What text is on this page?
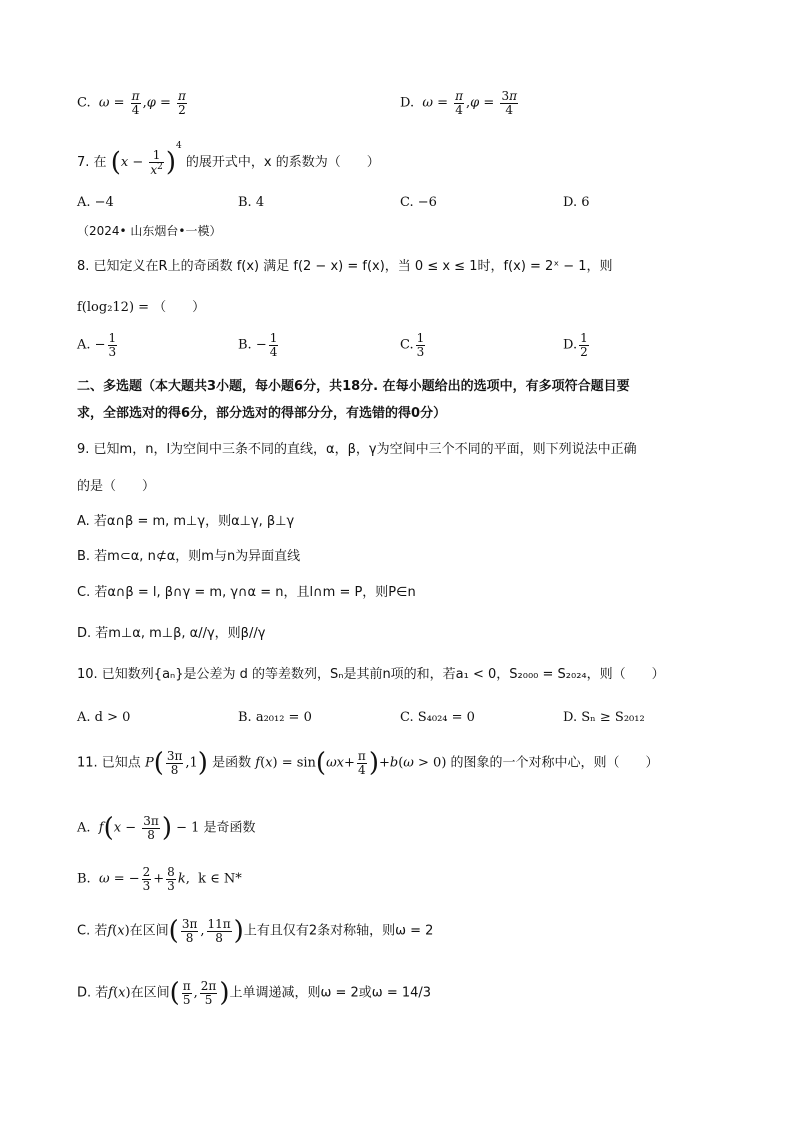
C.  $\omega = \frac{\pi}{4} ,\varphi = \frac{\pi}{2}$	D.  $\omega = \frac{\pi}{4} ,\varphi = \frac{3\pi}{4}$
7. 在 $(x - \frac{1}{x^2} )^4$ 的展开式中，x 的系数为（　　）
A. −4	B. 4	C. −6	D. 6
（2024• 山东烟台•一模）
8. 已知定义在R上的奇函数 f(x) 满足 f(2 − x) = f(x)，当 0 ≤ x ≤ 1时，f(x) = 2ˣ − 1，则
f(log₂12) = （　　）
A. − $\frac{1}{3}$	B. − $\frac{1}{4}$	C. $\frac{1}{3}$	D. $\frac{1}{2}$
二、多选题（本大题共3小题，每小题6分，共18分. 在每小题给出的选项中，有多项符合题目要
求，全部选对的得6分，部分选对的得部分分，有选错的得0分）
9. 已知m，n，l为空间中三条不同的直线，α，β，γ为空间中三个不同的平面，则下列说法中正确
的是（　　）
A. 若α∩β = m, m⊥γ，则α⊥γ, β⊥γ
B. 若m⊂α, n⊄α，则m与n为异面直线
C. 若α∩β = l, β∩γ = m, γ∩α = n，且l∩m = P，则P∈n
D. 若m⊥α, m⊥β, α//γ，则β//γ
10. 已知数列{aₙ}是公差为 d 的等差数列，Sₙ是其前n项的和，若a₁ < 0，S₂₀₀₀ = S₂₀₂₄，则（　　）
A. d > 0	B. a₂₀₁₂ = 0	C. S₄₀₂₄ = 0	D. Sₙ ≥ S₂₀₁₂
11. 已知点 $P( \frac{3\pi}{8} ,1)$ 是函数 $f(x) = \sin(\omega x+ \frac{\pi}{4} )+b(\omega > 0)$ 的图象的一个对称中心，则（　　）
A.  $f(x - \frac{3\pi}{8}$ ) − 1 是奇函数
B.  ω = − $\frac{2}{3} + \frac{8}{3} k$,  k ∈ N*
C. 若f(x)在区间( $\frac{3\pi}{8}$ , $\frac{11\pi}{8}$ )上有且仅有2条对称轴，则ω = 2
D. 若f(x)在区间( $\frac{\pi}{5}$ , $\frac{2\pi}{5}$ )上单调递减，则ω = 2或ω = 14/3
